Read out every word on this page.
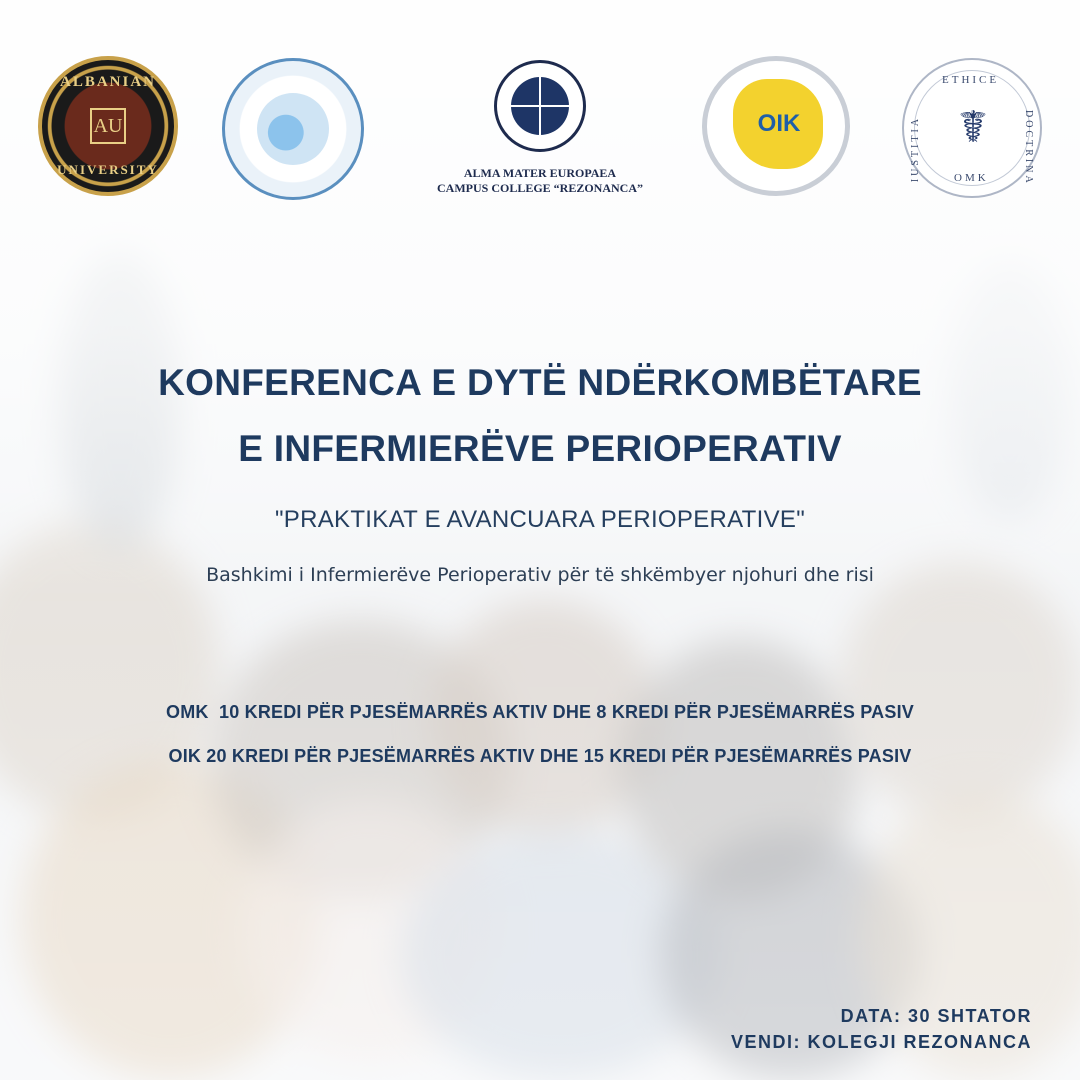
ALBANIAN
AU
UNIVERSITY	ALMA MATER EUROPAEA
CAMPUS COLLEGE “REZONANCA”
OIK
ETHICE
IUSTITIA	DOCTRINA
☤
OMK
KONFERENCA E DYTË NDËRKOMBËTARE
E INFERMIERËVE PERIOPERATIV
"PRAKTIKAT E AVANCUARA PERIOPERATIVE"
Bashkimi i Infermierëve Perioperativ për të shkëmbyer njohuri dhe risi
OMK  10 KREDI PËR PJESËMARRËS AKTIV DHE 8 KREDI PËR PJESËMARRËS PASIV
OIK 20 KREDI PËR PJESËMARRËS AKTIV DHE 15 KREDI PËR PJESËMARRËS PASIV
DATA: 30 SHTATOR
VENDI: KOLEGJI REZONANCA
